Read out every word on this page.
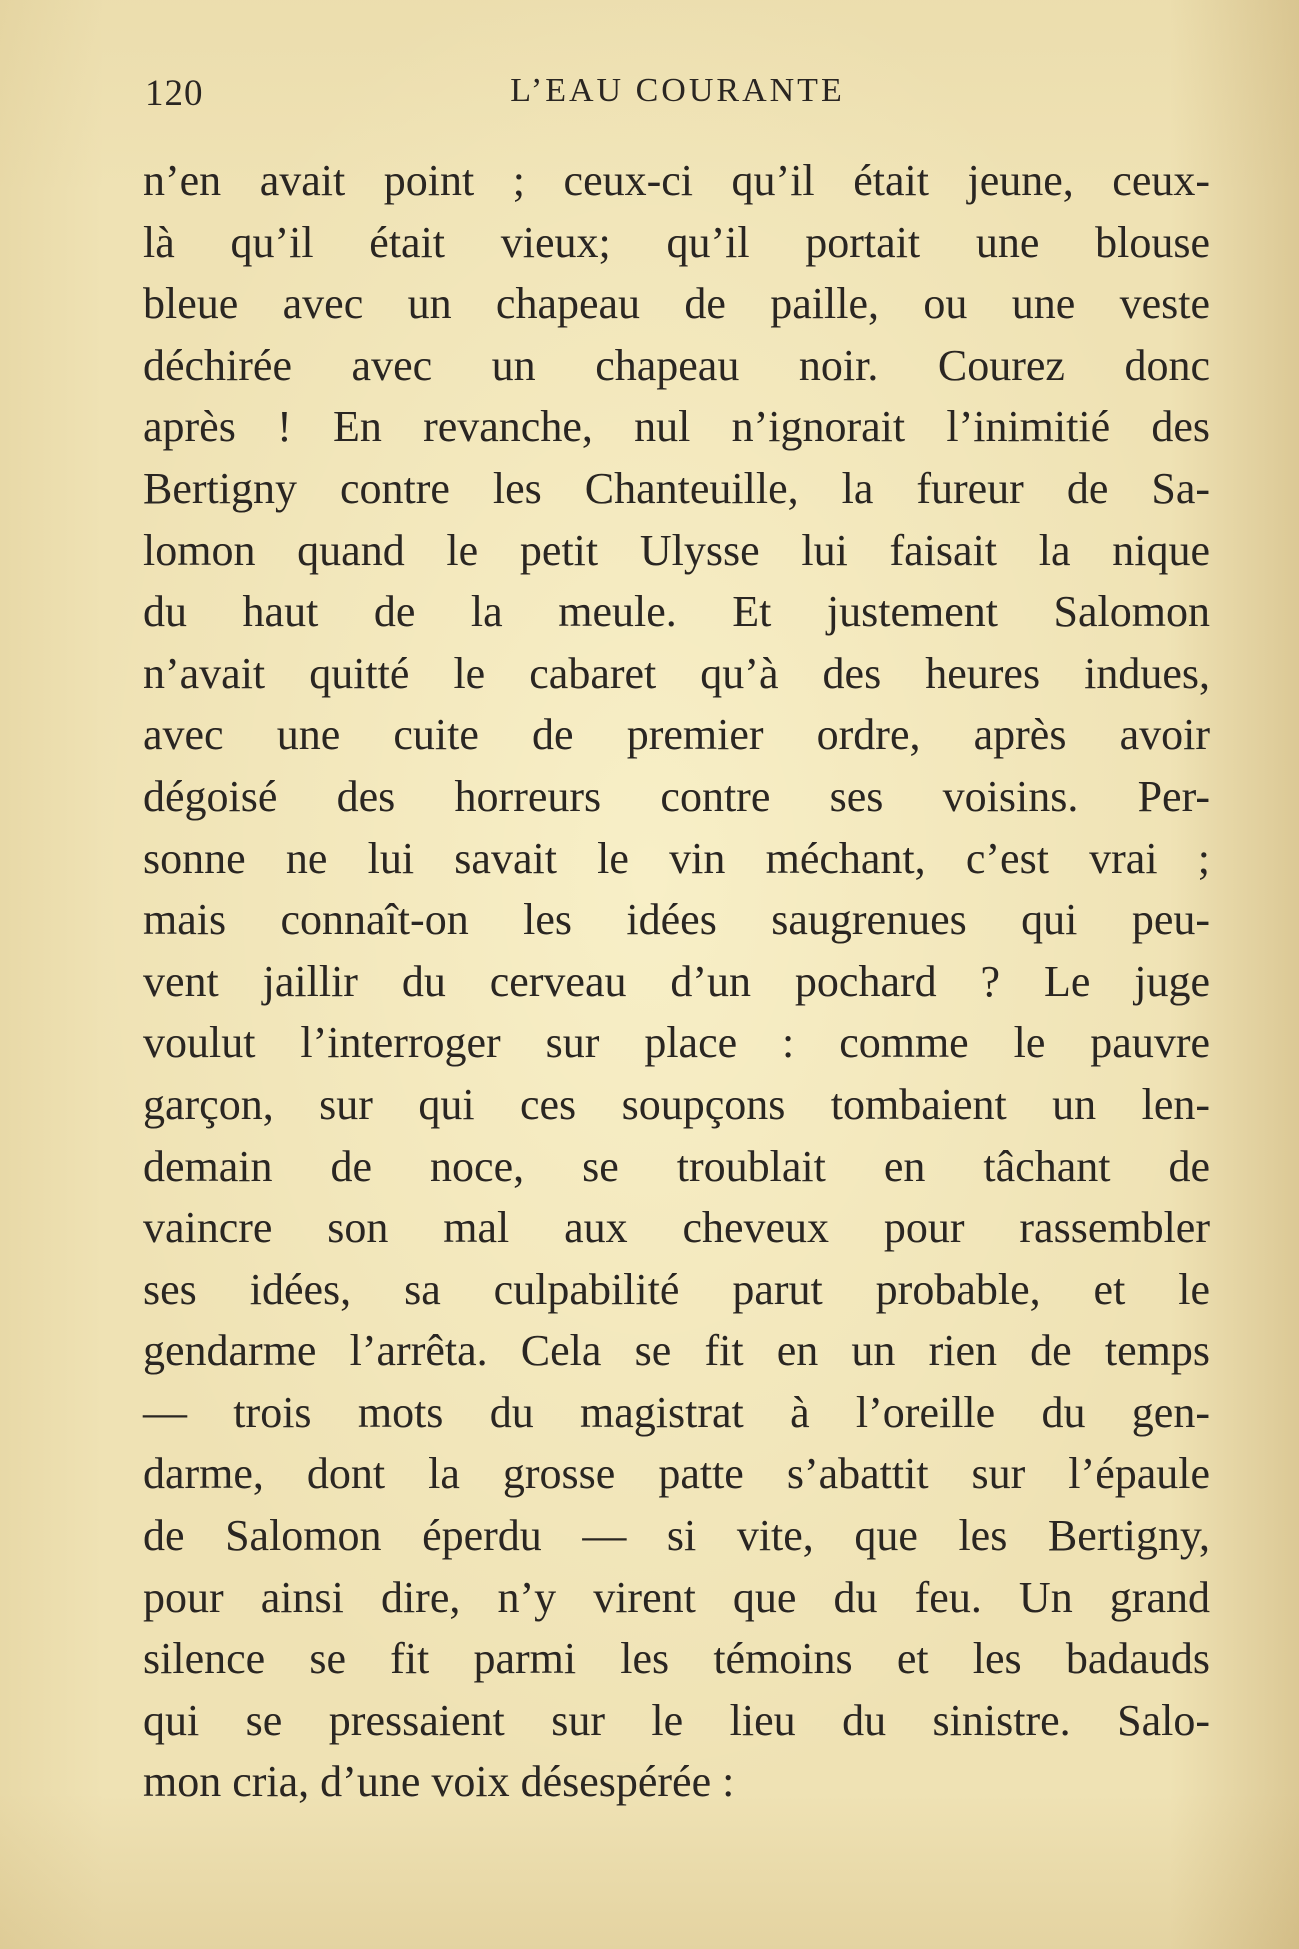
120	L’EAU COURANTE
n’en avait point ; ceux-ci qu’il était jeune, ceux-
là qu’il était vieux; qu’il portait une blouse
bleue avec un chapeau de paille, ou une veste
déchirée avec un chapeau noir. Courez donc
après ! En revanche, nul n’ignorait l’inimitié des
Bertigny contre les Chanteuille, la fureur de Sa-
lomon quand le petit Ulysse lui faisait la nique
du haut de la meule. Et justement Salomon
n’avait quitté le cabaret qu’à des heures indues,
avec une cuite de premier ordre, après avoir
dégoisé des horreurs contre ses voisins. Per-
sonne ne lui savait le vin méchant, c’est vrai ;
mais connaît-on les idées saugrenues qui peu-
vent jaillir du cerveau d’un pochard ? Le juge
voulut l’interroger sur place : comme le pauvre
garçon, sur qui ces soupçons tombaient un len-
demain de noce, se troublait en tâchant de
vaincre son mal aux cheveux pour rassembler
ses idées, sa culpabilité parut probable, et le
gendarme l’arrêta. Cela se fit en un rien de temps
— trois mots du magistrat à l’oreille du gen-
darme, dont la grosse patte s’abattit sur l’épaule
de Salomon éperdu — si vite, que les Bertigny,
pour ainsi dire, n’y virent que du feu. Un grand
silence se fit parmi les témoins et les badauds
qui se pressaient sur le lieu du sinistre. Salo-
mon cria, d’une voix désespérée :
